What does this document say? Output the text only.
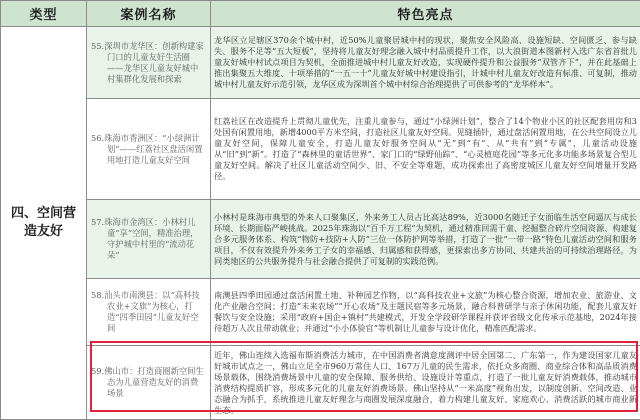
类型	案例名称	特色亮点

四、空间营造友好	55.深圳市龙华区：创新构建家门口的儿童友好生活圈——龙华区儿童友好城中村集群化发展和探索	龙华区立足辖区370余个城中村，近50%儿童聚居城中村的现状，聚焦安全风险高、设施短缺、空间匮乏、参与缺失、服务不足等“五大短板”，坚持将儿童友好理念融入城中村品质提升工作，以大浪街道本图新村入选广东省首批儿童友好城中村试点项目为契机，全面推进城中村儿童友好改造，实现硬件提升和公益服务“双管齐下”，并在此基础上推出集聚五大维度、十项举措的“一五一十”儿童友好城中村建设指引，计城中村儿童友好改造有标准、可复制，推动城中村儿童友好示范引领，龙华区成为深圳首个城中村综合治理提供了可供参考的“龙华样本”。

	56.珠海市香洲区：“小绿洲计划”——红荔社区盘活闲置用地打造儿童友好空间	红荔社区在改造提升上贯彻儿童优先，注重儿童参与，通过“小绿洲计划”，整合了14个物业小区的社区配套用房和3处国有闲置用地，新增4000平方米空间，打造社区儿童友好空间。见缝插针，通过盘活闲置用地，在公共空间设立儿童友好空间，保障儿童安全，打造儿童友好服务空间从“无”到“有”、从“共有”到“专属”，儿童活动设施从“旧”到“新”。打造了“森林里的童话世界”、家门口的“绿野仙踪”、“心灵植庭花园”等多元化多功能多场景复合型儿童友好空间。解决了社区儿童活动空间少、旧、不安全等难题，成功探索出了高密度城区儿童友好空间增量开发路径。

	57.珠海市金湾区：小林村儿童“享”空间，精准治理，守护城中村里的“流动花朵”	小林村是珠海市典型的外来人口聚集区，外来务工人员占比高达89%，近3000名随迁子女面临生活空间逼仄与成长环境、长期面临严峻挑战。2025年珠海以“百千万工程”为契机，通过精准回需于童、挖掘整合碎片空间资源、构建复合多元服务体系、构筑“物防+技防+人防”三位一体防护网等举措，打造了一批“一带一路”特色儿童活动空间和服务项目，不仅有效提升外来务工子女的幸福感、归属感和获得感，更探索出多方协同、共建共治的可持续治理路径，为同类地区的公共服务提升与社会融合提供了可复制的实践范例。

	58.汕头市南澳县：以“高科技农业+文旅”为核心，打造“四季田园”儿童友好空间	南澳县四季田园通过盘活闲置土地、补种园艺作物，以“高科技农业+文旅”为核心整合资源，增加农业、旅游业、文化产业融合空间；打造“未来农场”“开心农场”及主题民宿等多元场景，融合科普研学与亲子休闲功能，配套儿童友好餐饮与安全设施；采用“政府+国企+镇村”共建模式，开发全学段研学课程并获评省级文化传承示范基地，2024年接待超万人次且带动就业；并通过“小小体验官”等机制让儿童参与设计优化，精准匹配需求。

	59.佛山市：打造商圈新空间生态为儿童营造友好的消费场景	近年，佛山连续入选福布斯消费活力城市，在中国消费者满意度测评中居全国第二、广东第一，作为建设国家儿童友好城市试点之一，佛山立足全市960万常住人口、167万儿童的民生需求，依托众多商圈、商业综合体和高品质消费场景载体，围绕消费场景中儿童的安全保障、服务供给、设施设计等重点，打造了一批儿童友好消费载体，推动城市消费结构提质扩容，形成多元化的儿童友好消费场景。佛山坚持从“一米高度”视角出发，以制度创新、空间改造、业态融合为抓手，系统推进儿童友好理念与商圈发展深度融合，着力构建儿童友好、家庭欢心、消费活跃的城市商业新生态。
